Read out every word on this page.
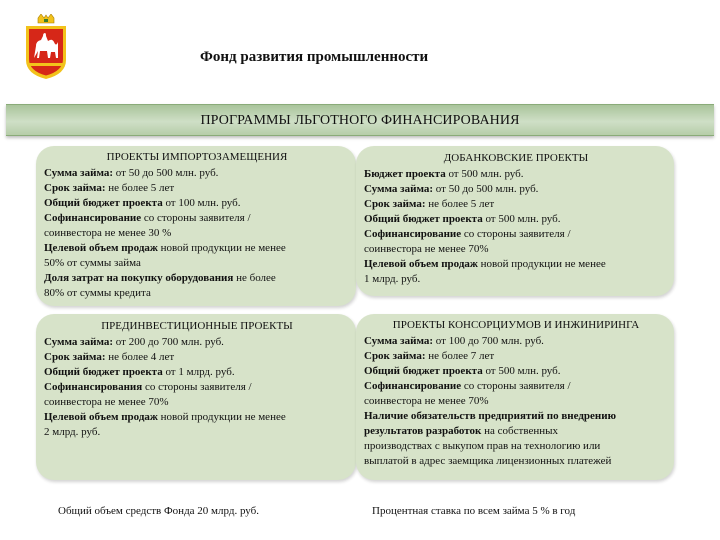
Фонд развития промышленности
ПРОГРАММЫ ЛЬГОТНОГО ФИНАНСИРОВАНИЯ
ПРОЕКТЫ ИМПОРТОЗАМЕЩЕНИЯ
Сумма займа: от 50 до 500 млн. руб.
Срок займа: не более 5 лет
Общий бюджет проекта от 100 млн. руб.
Софинансирование со стороны заявителя /
соинвестора не менее 30 %
Целевой объем продаж новой продукции не менее
50% от суммы займа
Доля затрат на покупку оборудования не более
80% от суммы кредита
ДОБАНКОВСКИЕ ПРОЕКТЫ
Бюджет проекта от 500 млн. руб.
Сумма займа: от 50 до 500 млн. руб.
Срок займа: не более 5 лет
Общий бюджет проекта от 500 млн. руб.
Софинансирование со стороны заявителя /
соинвестора не менее 70%
Целевой объем продаж новой продукции не менее
1 млрд. руб.
ПРЕДИНВЕСТИЦИОННЫЕ ПРОЕКТЫ
Сумма займа: от 200 до 700 млн. руб.
Срок займа: не более 4 лет
Общий бюджет проекта от 1 млрд. руб.
Софинансирования со стороны заявителя /
соинвестора не менее 70%
Целевой объем продаж новой продукции не менее
2 млрд. руб.
ПРОЕКТЫ КОНСОРЦИУМОВ И ИНЖИНИРИНГА
Сумма займа: от 100 до 700 млн. руб.
Срок займа: не более 7 лет
Общий бюджет проекта от 500 млн. руб.
Софинансирование со стороны заявителя /
соинвестора не менее 70%
Наличие обязательств предприятий по внедрению
результатов разработок на собственных
производствах с выкупом прав на технологию или
выплатой в адрес заемщика лицензионных платежей
Общий объем средств Фонда 20 млрд. руб.	Процентная ставка по всем займа 5 % в год
